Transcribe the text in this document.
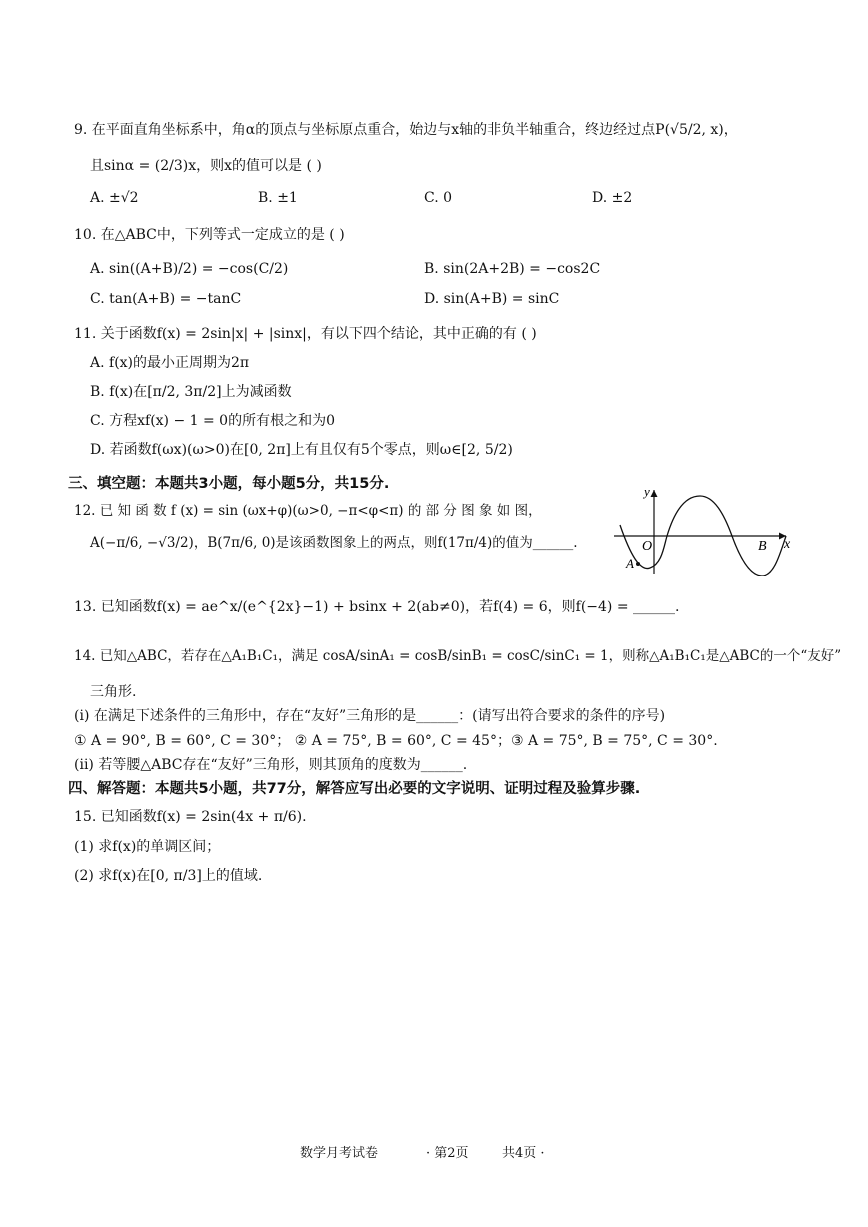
9. 在平面直角坐标系中，角α的顶点与坐标原点重合，始边与x轴的非负半轴重合，终边经过点P(√5/2, x)，
且sinα = (2/3)x，则x的值可以是 ( )
A. ±√2	B. ±1	C. 0	D. ±2
10. 在△ABC中，下列等式一定成立的是 ( )
A. sin((A+B)/2) = −cos(C/2)	B. sin(2A+2B) = −cos2C
C. tan(A+B) = −tanC	D. sin(A+B) = sinC
11. 关于函数f(x) = 2sin|x| + |sinx|，有以下四个结论，其中正确的有 ( )
A. f(x)的最小正周期为2π
B. f(x)在[π/2, 3π/2]上为减函数
C. 方程xf(x) − 1 = 0的所有根之和为0
D. 若函数f(ωx)(ω>0)在[0, 2π]上有且仅有5个零点，则ω∈[2, 5/2)
三、填空题：本题共3小题，每小题5分，共15分.
12. 已 知 函 数 f (x) = sin (ωx+φ)(ω>0, −π<φ<π) 的 部 分 图 象 如 图，
A(−π/6, −√3/2)，B(7π/6, 0)是该函数图象上的两点，则f(17π/4)的值为______.
y
x
O
A
B
13. 已知函数f(x) = ae^x/(e^{2x}−1) + bsinx + 2(ab≠0)，若f(4) = 6，则f(−4) = ______.
14. 已知△ABC，若存在△A₁B₁C₁，满足 cosA/sinA₁ = cosB/sinB₁ = cosC/sinC₁ = 1，则称△A₁B₁C₁是△ABC的一个“友好”
三角形.
(i) 在满足下述条件的三角形中，存在“友好”三角形的是______：(请写出符合要求的条件的序号)
① A = 90°, B = 60°, C = 30°； ② A = 75°, B = 60°, C = 45°；③ A = 75°, B = 75°, C = 30°.
(ii) 若等腰△ABC存在“友好”三角形，则其顶角的度数为______.
四、解答题：本题共5小题，共77分，解答应写出必要的文字说明、证明过程及验算步骤.
15. 已知函数f(x) = 2sin(4x + π/6).
(1) 求f(x)的单调区间；
(2) 求f(x)在[0, π/3]上的值域.
数学月考试卷	· 第2页	共4页 ·
